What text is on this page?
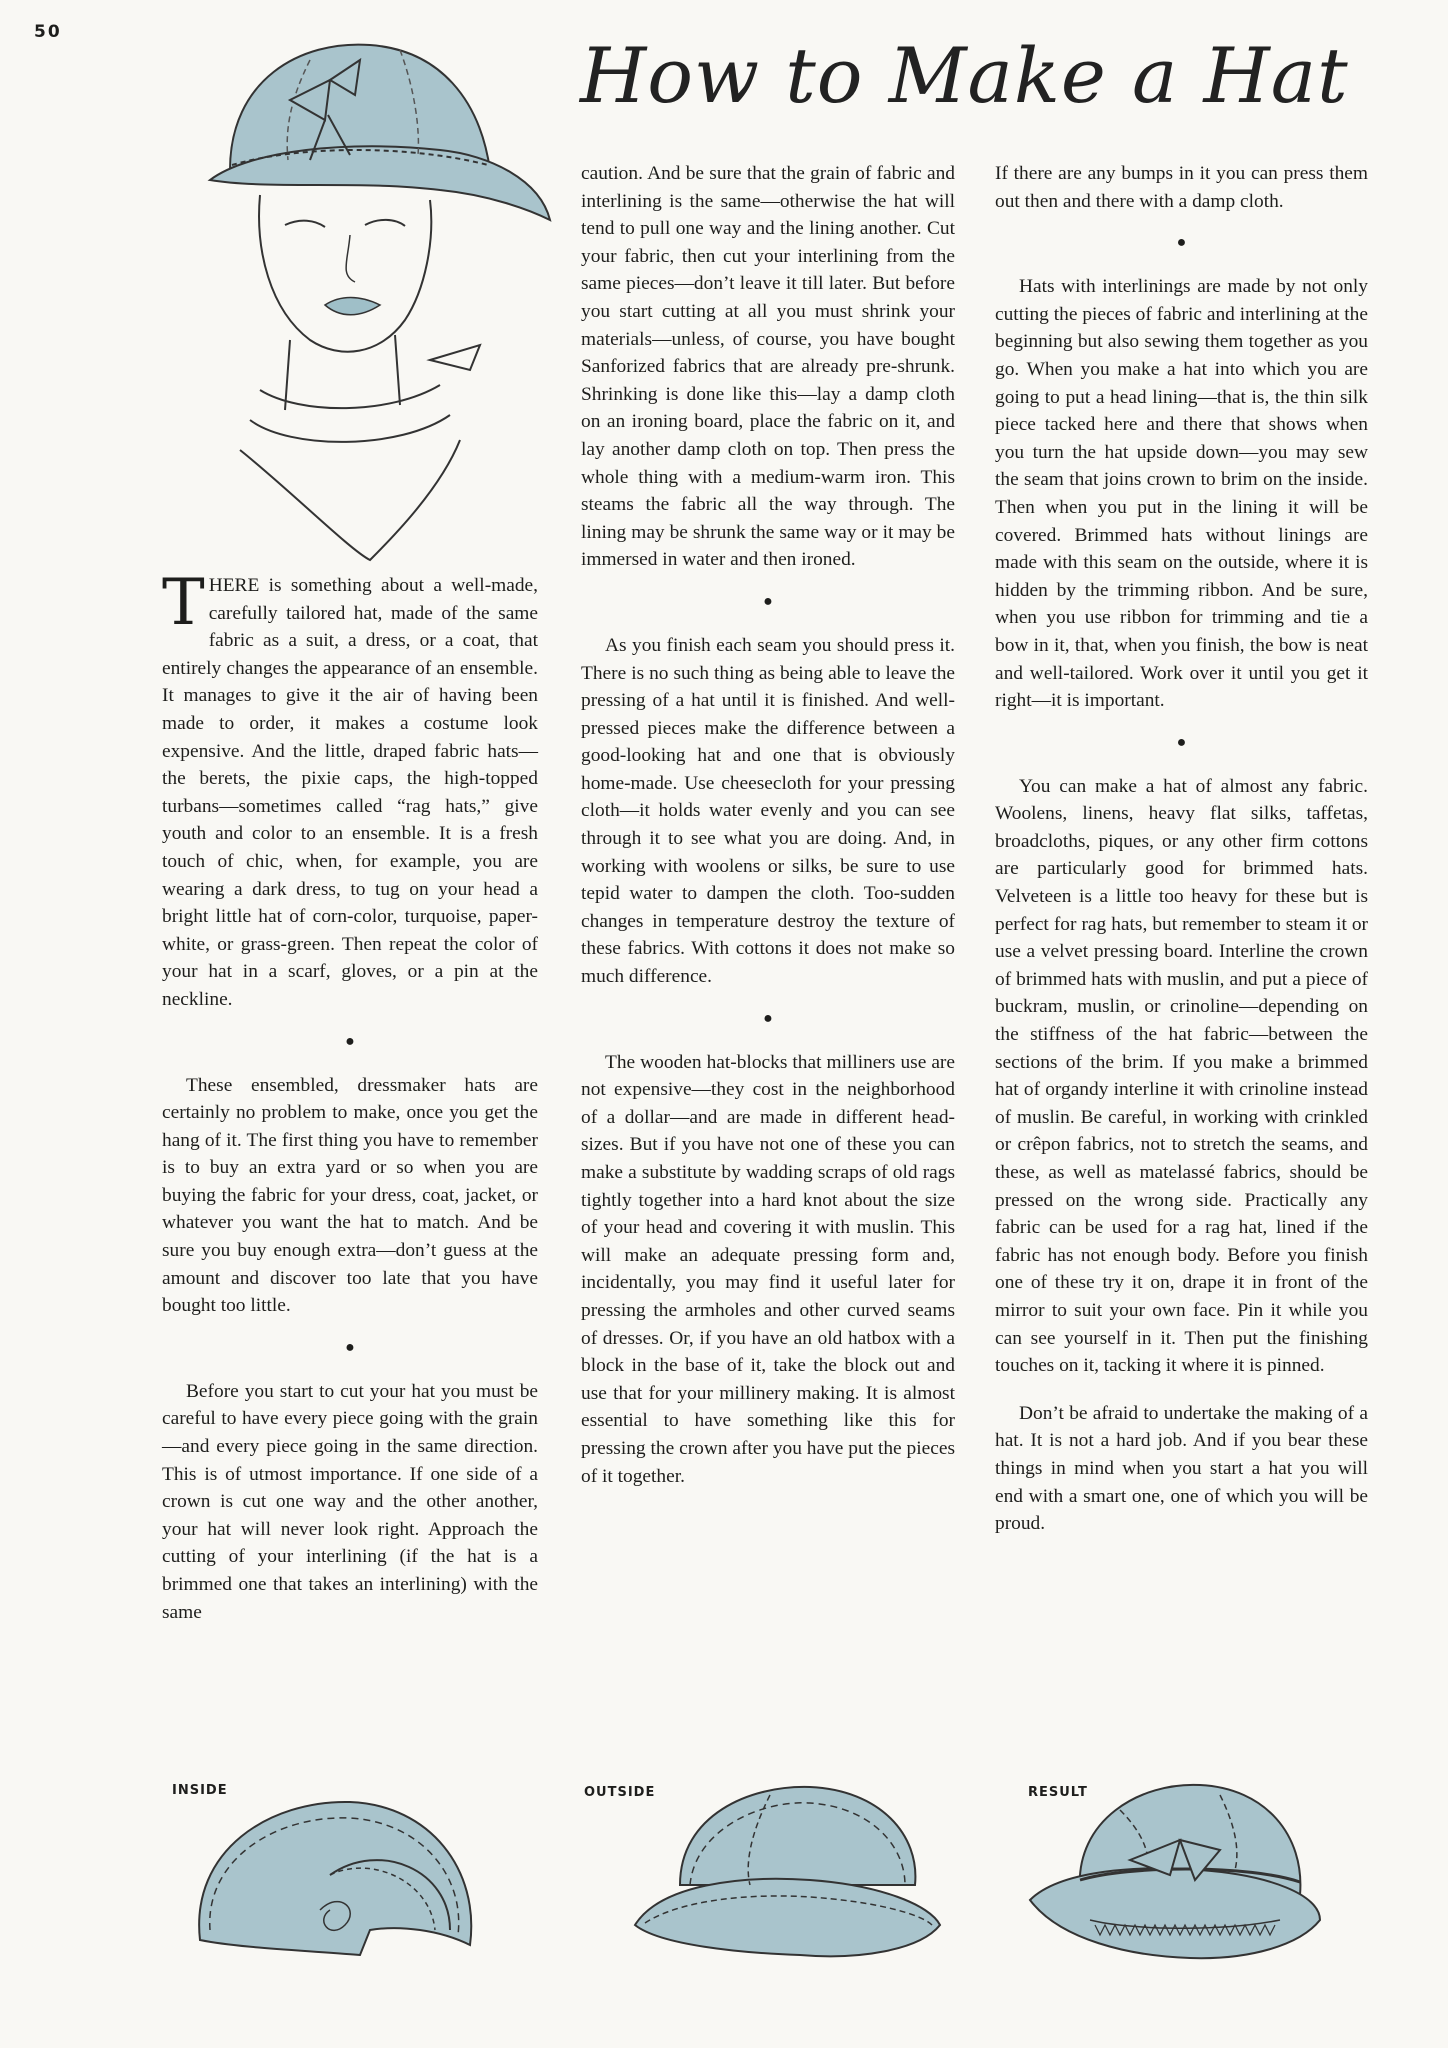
50	How to Make a Hat

THERE is something about a well-made, carefully tailored hat, made of the same fabric as a suit, a dress, or a coat, that entirely changes the appearance of an ensemble. It manages to give it the air of having been made to order, it makes a costume look expensive. And the little, draped fabric hats—the berets, the pixie caps, the high-topped turbans—sometimes called “rag hats,” give youth and color to an ensemble. It is a fresh touch of chic, when, for example, you are wearing a dark dress, to tug on your head a bright little hat of corn-color, turquoise, paper-white, or grass-green. Then repeat the color of your hat in a scarf, gloves, or a pin at the neckline.

●

These ensembled, dressmaker hats are certainly no problem to make, once you get the hang of it. The first thing you have to remember is to buy an extra yard or so when you are buying the fabric for your dress, coat, jacket, or whatever you want the hat to match. And be sure you buy enough extra—don’t guess at the amount and discover too late that you have bought too little.

●

Before you start to cut your hat you must be careful to have every piece going with the grain—and every piece going in the same direction. This is of utmost importance. If one side of a crown is cut one way and the other another, your hat will never look right. Approach the cutting of your interlining (if the hat is a brimmed one that takes an interlining) with the same

caution. And be sure that the grain of fabric and interlining is the same—otherwise the hat will tend to pull one way and the lining another. Cut your fabric, then cut your interlining from the same pieces—don’t leave it till later. But before you start cutting at all you must shrink your materials—unless, of course, you have bought Sanforized fabrics that are already pre-shrunk. Shrinking is done like this—lay a damp cloth on an ironing board, place the fabric on it, and lay another damp cloth on top. Then press the whole thing with a medium-warm iron. This steams the fabric all the way through. The lining may be shrunk the same way or it may be immersed in water and then ironed.

●

As you finish each seam you should press it. There is no such thing as being able to leave the pressing of a hat until it is finished. And well-pressed pieces make the difference between a good-looking hat and one that is obviously home-made. Use cheesecloth for your pressing cloth—it holds water evenly and you can see through it to see what you are doing. And, in working with woolens or silks, be sure to use tepid water to dampen the cloth. Too-sudden changes in temperature destroy the texture of these fabrics. With cottons it does not make so much difference.

●

The wooden hat-blocks that milliners use are not expensive—they cost in the neighborhood of a dollar—and are made in different head-sizes. But if you have not one of these you can make a substitute by wadding scraps of old rags tightly together into a hard knot about the size of your head and covering it with muslin. This will make an adequate pressing form and, incidentally, you may find it useful later for pressing the armholes and other curved seams of dresses. Or, if you have an old hatbox with a block in the base of it, take the block out and use that for your millinery making. It is almost essential to have something like this for pressing the crown after you have put the pieces of it together.

If there are any bumps in it you can press them out then and there with a damp cloth.

●

Hats with interlinings are made by not only cutting the pieces of fabric and interlining at the beginning but also sewing them together as you go. When you make a hat into which you are going to put a head lining—that is, the thin silk piece tacked here and there that shows when you turn the hat upside down—you may sew the seam that joins crown to brim on the inside. Then when you put in the lining it will be covered. Brimmed hats without linings are made with this seam on the outside, where it is hidden by the trimming ribbon. And be sure, when you use ribbon for trimming and tie a bow in it, that, when you finish, the bow is neat and well-tailored. Work over it until you get it right—it is important.

●

You can make a hat of almost any fabric. Woolens, linens, heavy flat silks, taffetas, broadcloths, piques, or any other firm cottons are particularly good for brimmed hats. Velveteen is a little too heavy for these but is perfect for rag hats, but remember to steam it or use a velvet pressing board. Interline the crown of brimmed hats with muslin, and put a piece of buckram, muslin, or crinoline—depending on the stiffness of the hat fabric—between the sections of the brim. If you make a brimmed hat of organdy interline it with crinoline instead of muslin. Be careful, in working with crinkled or crêpon fabrics, not to stretch the seams, and these, as well as matelassé fabrics, should be pressed on the wrong side. Practically any fabric can be used for a rag hat, lined if the fabric has not enough body. Before you finish one of these try it on, drape it in front of the mirror to suit your own face. Pin it while you can see yourself in it. Then put the finishing touches on it, tacking it where it is pinned.

Don’t be afraid to undertake the making of a hat. It is not a hard job. And if you bear these things in mind when you start a hat you will end with a smart one, one of which you will be proud.

INSIDE	OUTSIDE	RESULT
